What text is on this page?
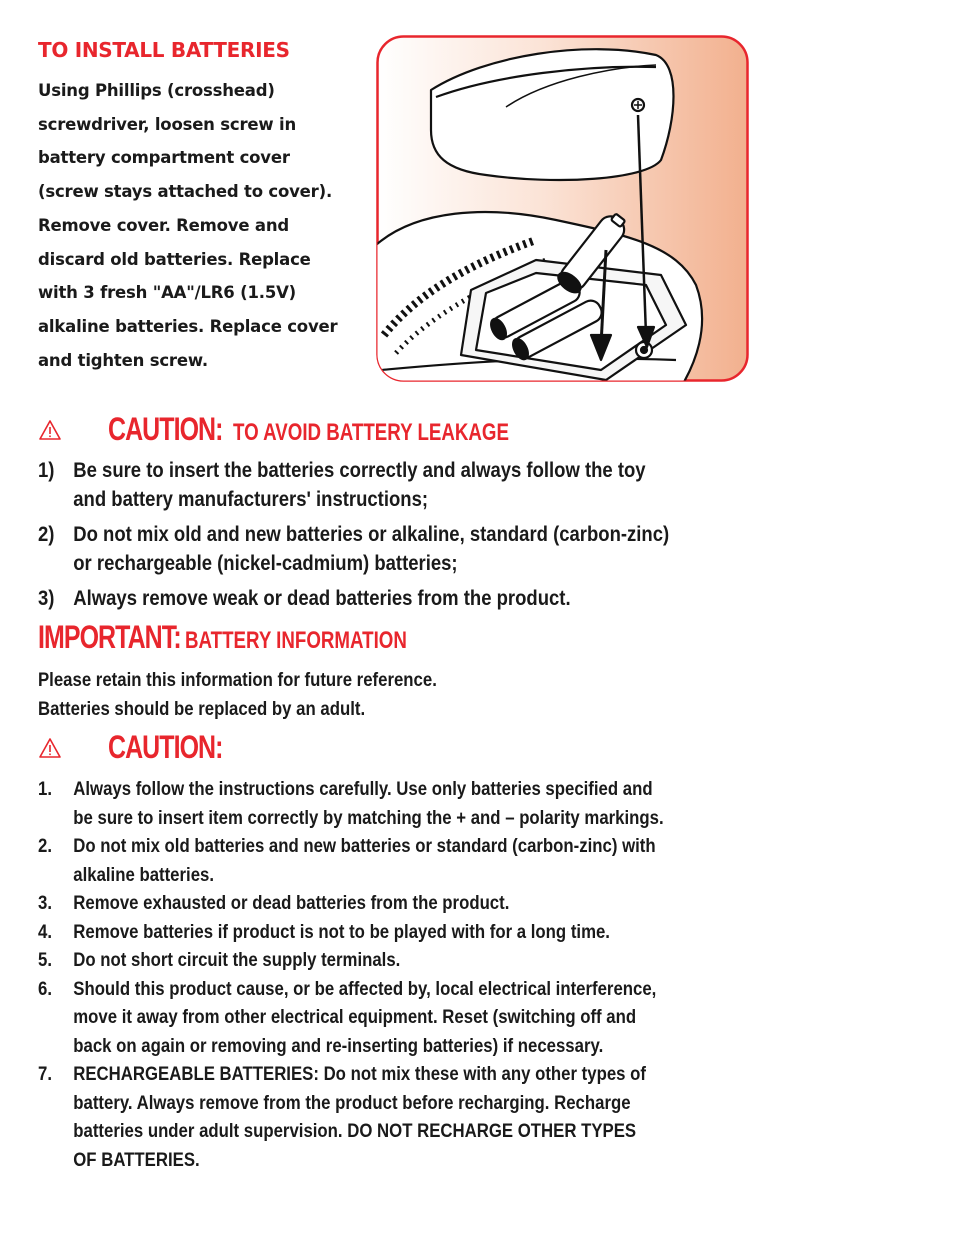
TO INSTALL BATTERIES
Using Phillips (crosshead)
screwdriver, loosen screw in
battery compartment cover
(screw stays attached to cover).
Remove cover. Remove and
discard old batteries. Replace
with 3 fresh "AA"/LR6 (1.5V)
alkaline batteries. Replace cover
and tighten screw.
CAUTION: TO AVOID BATTERY LEAKAGE
1) Be sure to insert the batteries correctly and always follow the toy
and battery manufacturers' instructions;
2) Do not mix old and new batteries or alkaline, standard (carbon-zinc)
or rechargeable (nickel-cadmium) batteries;
3) Always remove weak or dead batteries from the product.
IMPORTANT: BATTERY INFORMATION
Please retain this information for future reference.
Batteries should be replaced by an adult.
CAUTION:
1. Always follow the instructions carefully. Use only batteries specified and
be sure to insert item correctly by matching the + and – polarity markings.
2. Do not mix old batteries and new batteries or standard (carbon-zinc) with
alkaline batteries.
3. Remove exhausted or dead batteries from the product.
4. Remove batteries if product is not to be played with for a long time.
5. Do not short circuit the supply terminals.
6. Should this product cause, or be affected by, local electrical interference,
move it away from other electrical equipment. Reset (switching off and
back on again or removing and re-inserting batteries) if necessary.
7. RECHARGEABLE BATTERIES: Do not mix these with any other types of
battery. Always remove from the product before recharging. Recharge
batteries under adult supervision. DO NOT RECHARGE OTHER TYPES
OF BATTERIES.
